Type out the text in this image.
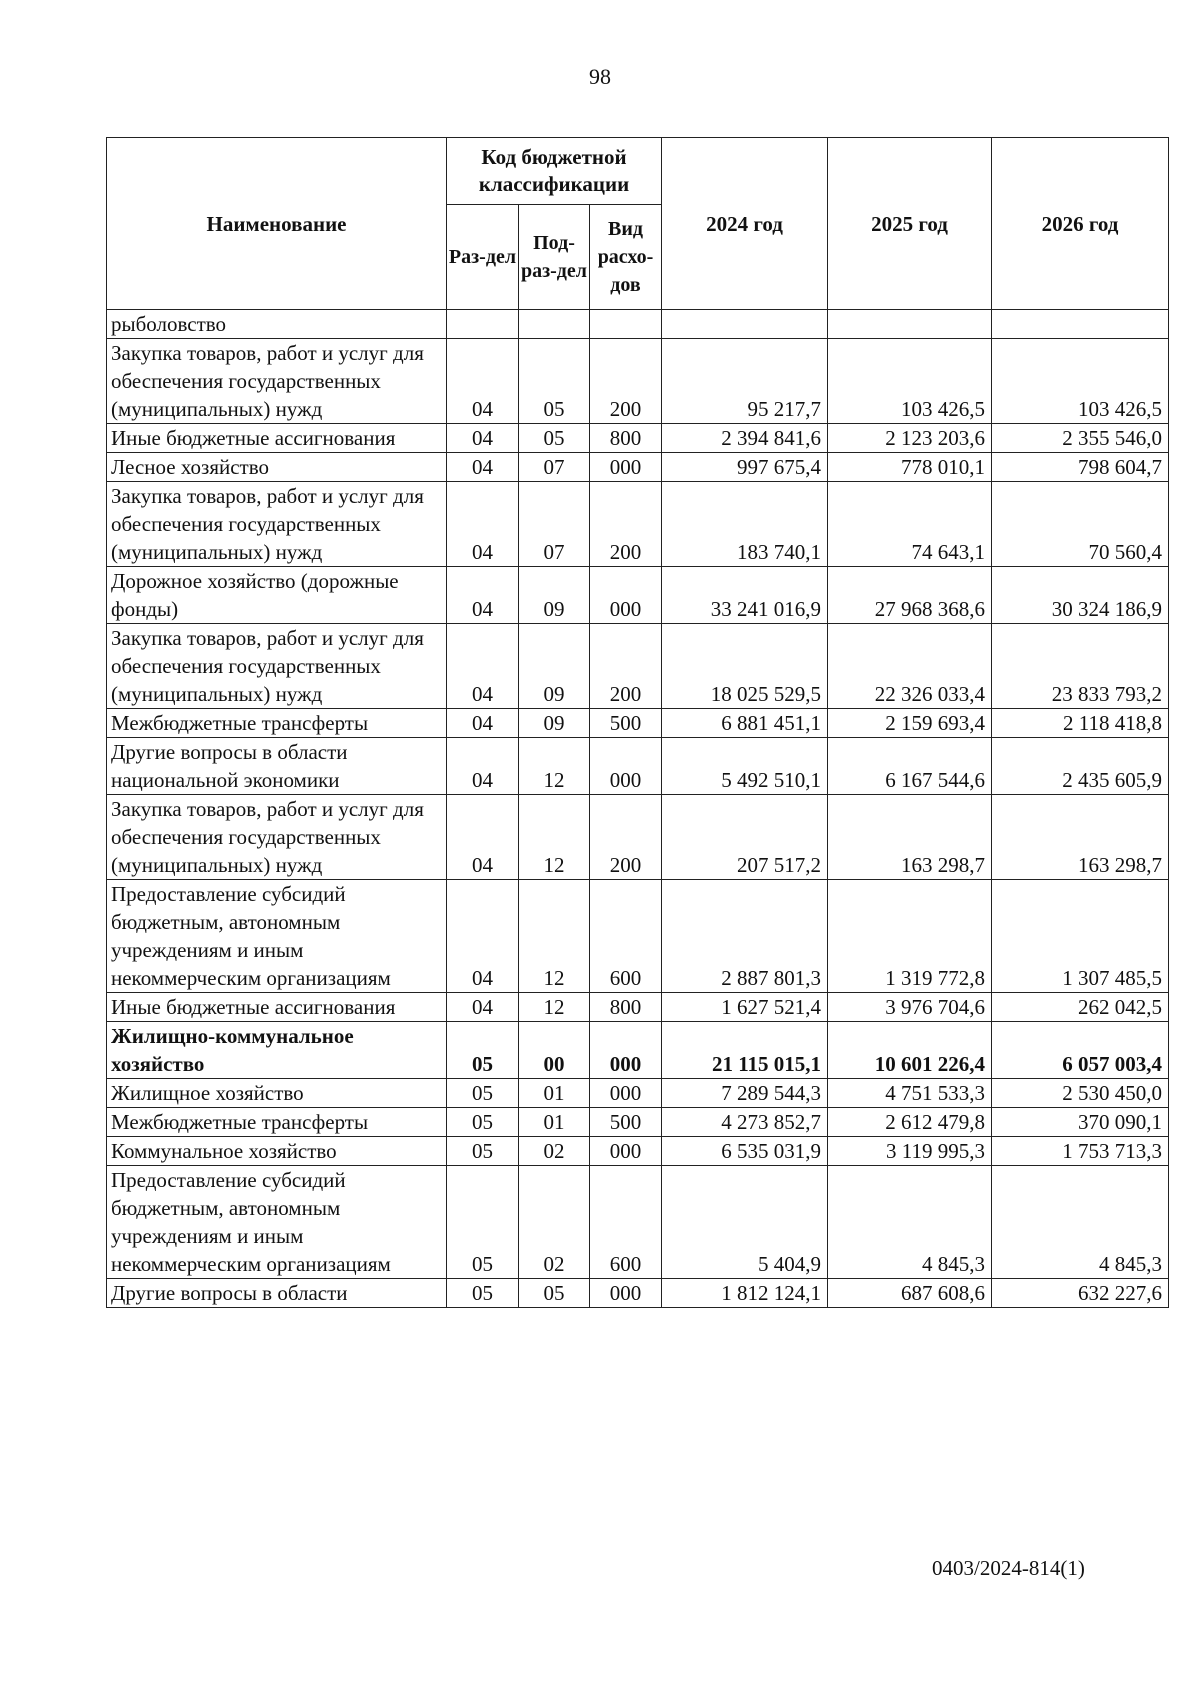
98
Наименование	Код бюджетной классификации			2024 год	2025 год	2026 год
	Раз-дел	Под-раз-дел	Вид расхо-дов			
рыболовство						
Закупка товаров, работ и услуг для обеспечения государственных (муниципальных) нужд	04	05	200	95 217,7	103 426,5	103 426,5
Иные бюджетные ассигнования	04	05	800	2 394 841,6	2 123 203,6	2 355 546,0
Лесное хозяйство	04	07	000	997 675,4	778 010,1	798 604,7
Закупка товаров, работ и услуг для обеспечения государственных (муниципальных) нужд	04	07	200	183 740,1	74 643,1	70 560,4
Дорожное хозяйство (дорожные фонды)	04	09	000	33 241 016,9	27 968 368,6	30 324 186,9
Закупка товаров, работ и услуг для обеспечения государственных (муниципальных) нужд	04	09	200	18 025 529,5	22 326 033,4	23 833 793,2
Межбюджетные трансферты	04	09	500	6 881 451,1	2 159 693,4	2 118 418,8
Другие вопросы в области национальной экономики	04	12	000	5 492 510,1	6 167 544,6	2 435 605,9
Закупка товаров, работ и услуг для обеспечения государственных (муниципальных) нужд	04	12	200	207 517,2	163 298,7	163 298,7
Предоставление субсидий бюджетным, автономным учреждениям и иным некоммерческим организациям	04	12	600	2 887 801,3	1 319 772,8	1 307 485,5
Иные бюджетные ассигнования	04	12	800	1 627 521,4	3 976 704,6	262 042,5
Жилищно-коммунальное хозяйство	05	00	000	21 115 015,1	10 601 226,4	6 057 003,4
Жилищное хозяйство	05	01	000	7 289 544,3	4 751 533,3	2 530 450,0
Межбюджетные трансферты	05	01	500	4 273 852,7	2 612 479,8	370 090,1
Коммунальное хозяйство	05	02	000	6 535 031,9	3 119 995,3	1 753 713,3
Предоставление субсидий бюджетным, автономным учреждениям и иным некоммерческим организациям	05	02	600	5 404,9	4 845,3	4 845,3
Другие вопросы в области	05	05	000	1 812 124,1	687 608,6	632 227,6
0403/2024-814(1)
